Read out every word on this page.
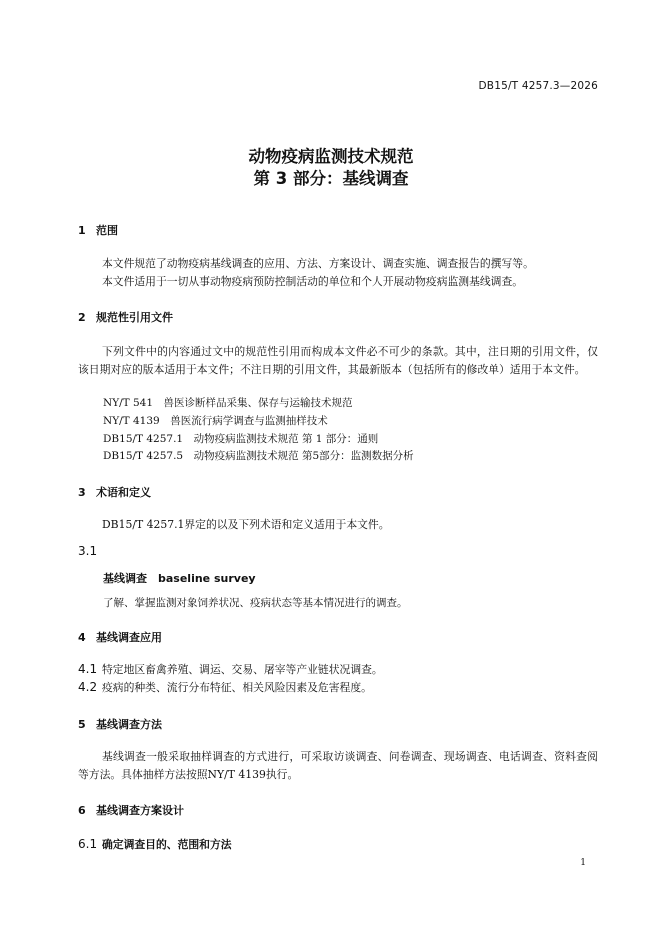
DB15/T 4257.3—2026
动物疫病监测技术规范
第 3 部分：基线调查
1 范围
本文件规范了动物疫病基线调查的应用、方法、方案设计、调查实施、调查报告的撰写等。
本文件适用于一切从事动物疫病预防控制活动的单位和个人开展动物疫病监测基线调查。
2 规范性引用文件
下列文件中的内容通过文中的规范性引用而构成本文件必不可少的条款。其中，注日期的引用文件，仅该日期对应的版本适用于本文件；不注日期的引用文件，其最新版本（包括所有的修改单）适用于本文件。
NY/T 541　兽医诊断样品采集、保存与运输技术规范
NY/T 4139　兽医流行病学调查与监测抽样技术
DB15/T 4257.1　动物疫病监测技术规范 第 1 部分：通则
DB15/T 4257.5　动物疫病监测技术规范 第5部分：监测数据分析
3 术语和定义
DB15/T 4257.1界定的以及下列术语和定义适用于本文件。
3.1
基线调查　baseline survey
了解、掌握监测对象饲养状况、疫病状态等基本情况进行的调查。
4 基线调查应用
4.1 特定地区畜禽养殖、调运、交易、屠宰等产业链状况调查。
4.2 疫病的种类、流行分布特征、相关风险因素及危害程度。
5 基线调查方法
基线调查一般采取抽样调查的方式进行，可采取访谈调查、问卷调查、现场调查、电话调查、资料查阅等方法。具体抽样方法按照NY/T 4139执行。
6 基线调查方案设计
6.1 确定调查目的、范围和方法
1
